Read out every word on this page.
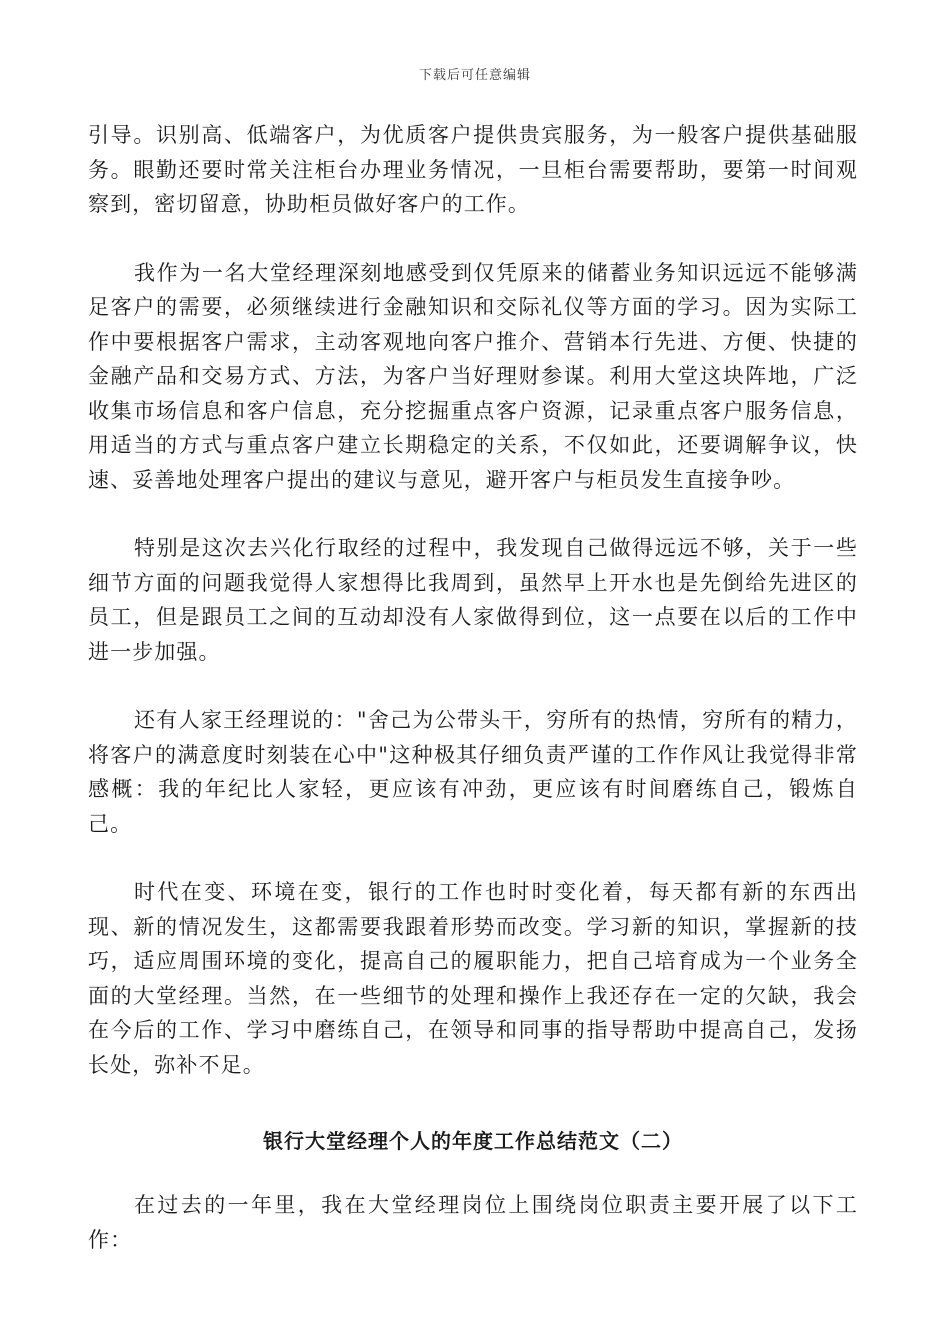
下载后可任意编辑

引导。识别高、低端客户，为优质客户提供贵宾服务，为一般客户提供基础服务。眼勤还要时常关注柜台办理业务情况，一旦柜台需要帮助，要第一时间观察到，密切留意，协助柜员做好客户的工作。

我作为一名大堂经理深刻地感受到仅凭原来的储蓄业务知识远远不能够满足客户的需要，必须继续进行金融知识和交际礼仪等方面的学习。因为实际工作中要根据客户需求，主动客观地向客户推介、营销本行先进、方便、快捷的金融产品和交易方式、方法，为客户当好理财参谋。利用大堂这块阵地，广泛收集市场信息和客户信息，充分挖掘重点客户资源，记录重点客户服务信息，用适当的方式与重点客户建立长期稳定的关系，不仅如此，还要调解争议，快速、妥善地处理客户提出的建议与意见，避开客户与柜员发生直接争吵。

特别是这次去兴化行取经的过程中，我发现自己做得远远不够，关于一些细节方面的问题我觉得人家想得比我周到，虽然早上开水也是先倒给先进区的员工，但是跟员工之间的互动却没有人家做得到位，这一点要在以后的工作中进一步加强。

还有人家王经理说的："舍己为公带头干，穷所有的热情，穷所有的精力，将客户的满意度时刻装在心中"这种极其仔细负责严谨的工作作风让我觉得非常感概：我的年纪比人家轻，更应该有冲劲，更应该有时间磨练自己，锻炼自己。

时代在变、环境在变，银行的工作也时时变化着，每天都有新的东西出现、新的情况发生，这都需要我跟着形势而改变。学习新的知识，掌握新的技巧，适应周围环境的变化，提高自己的履职能力，把自己培育成为一个业务全面的大堂经理。当然，在一些细节的处理和操作上我还存在一定的欠缺，我会在今后的工作、学习中磨练自己，在领导和同事的指导帮助中提高自己，发扬长处，弥补不足。

银行大堂经理个人的年度工作总结范文（二）

在过去的一年里，我在大堂经理岗位上围绕岗位职责主要开展了以下工作：
